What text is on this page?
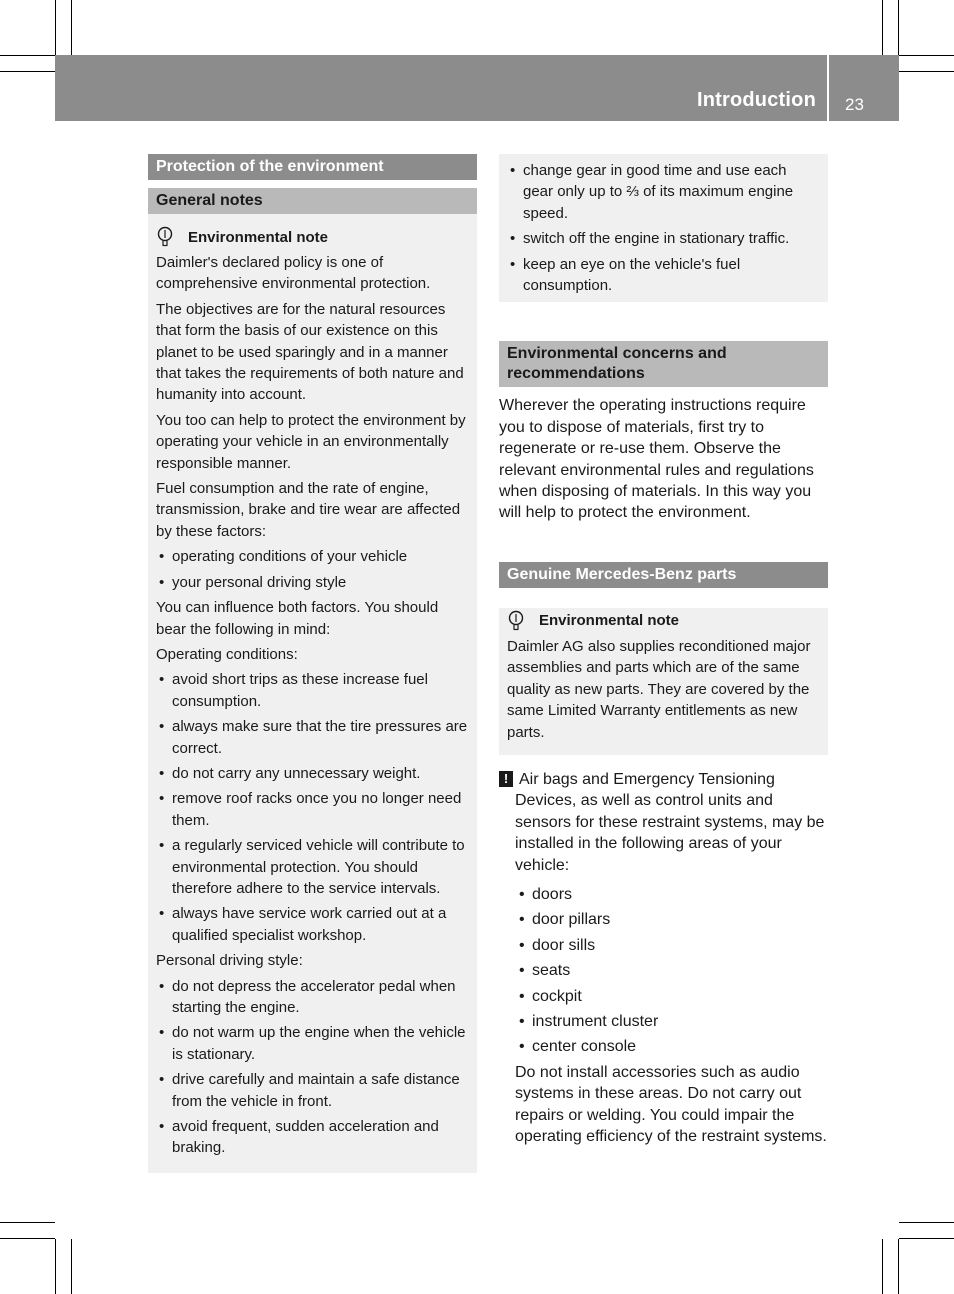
Introduction 23
Protection of the environment
General notes
Environmental note

Daimler's declared policy is one of comprehensive environmental protection.

The objectives are for the natural resources that form the basis of our existence on this planet to be used sparingly and in a manner that takes the requirements of both nature and humanity into account.

You too can help to protect the environment by operating your vehicle in an environmentally responsible manner.

Fuel consumption and the rate of engine, transmission, brake and tire wear are affected by these factors:

• operating conditions of your vehicle
• your personal driving style

You can influence both factors. You should bear the following in mind:

Operating conditions:

• avoid short trips as these increase fuel consumption.
• always make sure that the tire pressures are correct.
• do not carry any unnecessary weight.
• remove roof racks once you no longer need them.
• a regularly serviced vehicle will contribute to environmental protection. You should therefore adhere to the service intervals.
• always have service work carried out at a qualified specialist workshop.

Personal driving style:

• do not depress the accelerator pedal when starting the engine.
• do not warm up the engine when the vehicle is stationary.
• drive carefully and maintain a safe distance from the vehicle in front.
• avoid frequent, sudden acceleration and braking.
• change gear in good time and use each gear only up to ⅔ of its maximum engine speed.
• switch off the engine in stationary traffic.
• keep an eye on the vehicle's fuel consumption.
Environmental concerns and recommendations

Wherever the operating instructions require you to dispose of materials, first try to regenerate or re-use them. Observe the relevant environmental rules and regulations when disposing of materials. In this way you will help to protect the environment.

Genuine Mercedes-Benz parts
Environmental note

Daimler AG also supplies reconditioned major assemblies and parts which are of the same quality as new parts. They are covered by the same Limited Warranty entitlements as new parts.

! Air bags and Emergency Tensioning Devices, as well as control units and sensors for these restraint systems, may be installed in the following areas of your vehicle:

• doors
• door pillars
• door sills
• seats
• cockpit
• instrument cluster
• center console

Do not install accessories such as audio systems in these areas. Do not carry out repairs or welding. You could impair the operating efficiency of the restraint systems.
